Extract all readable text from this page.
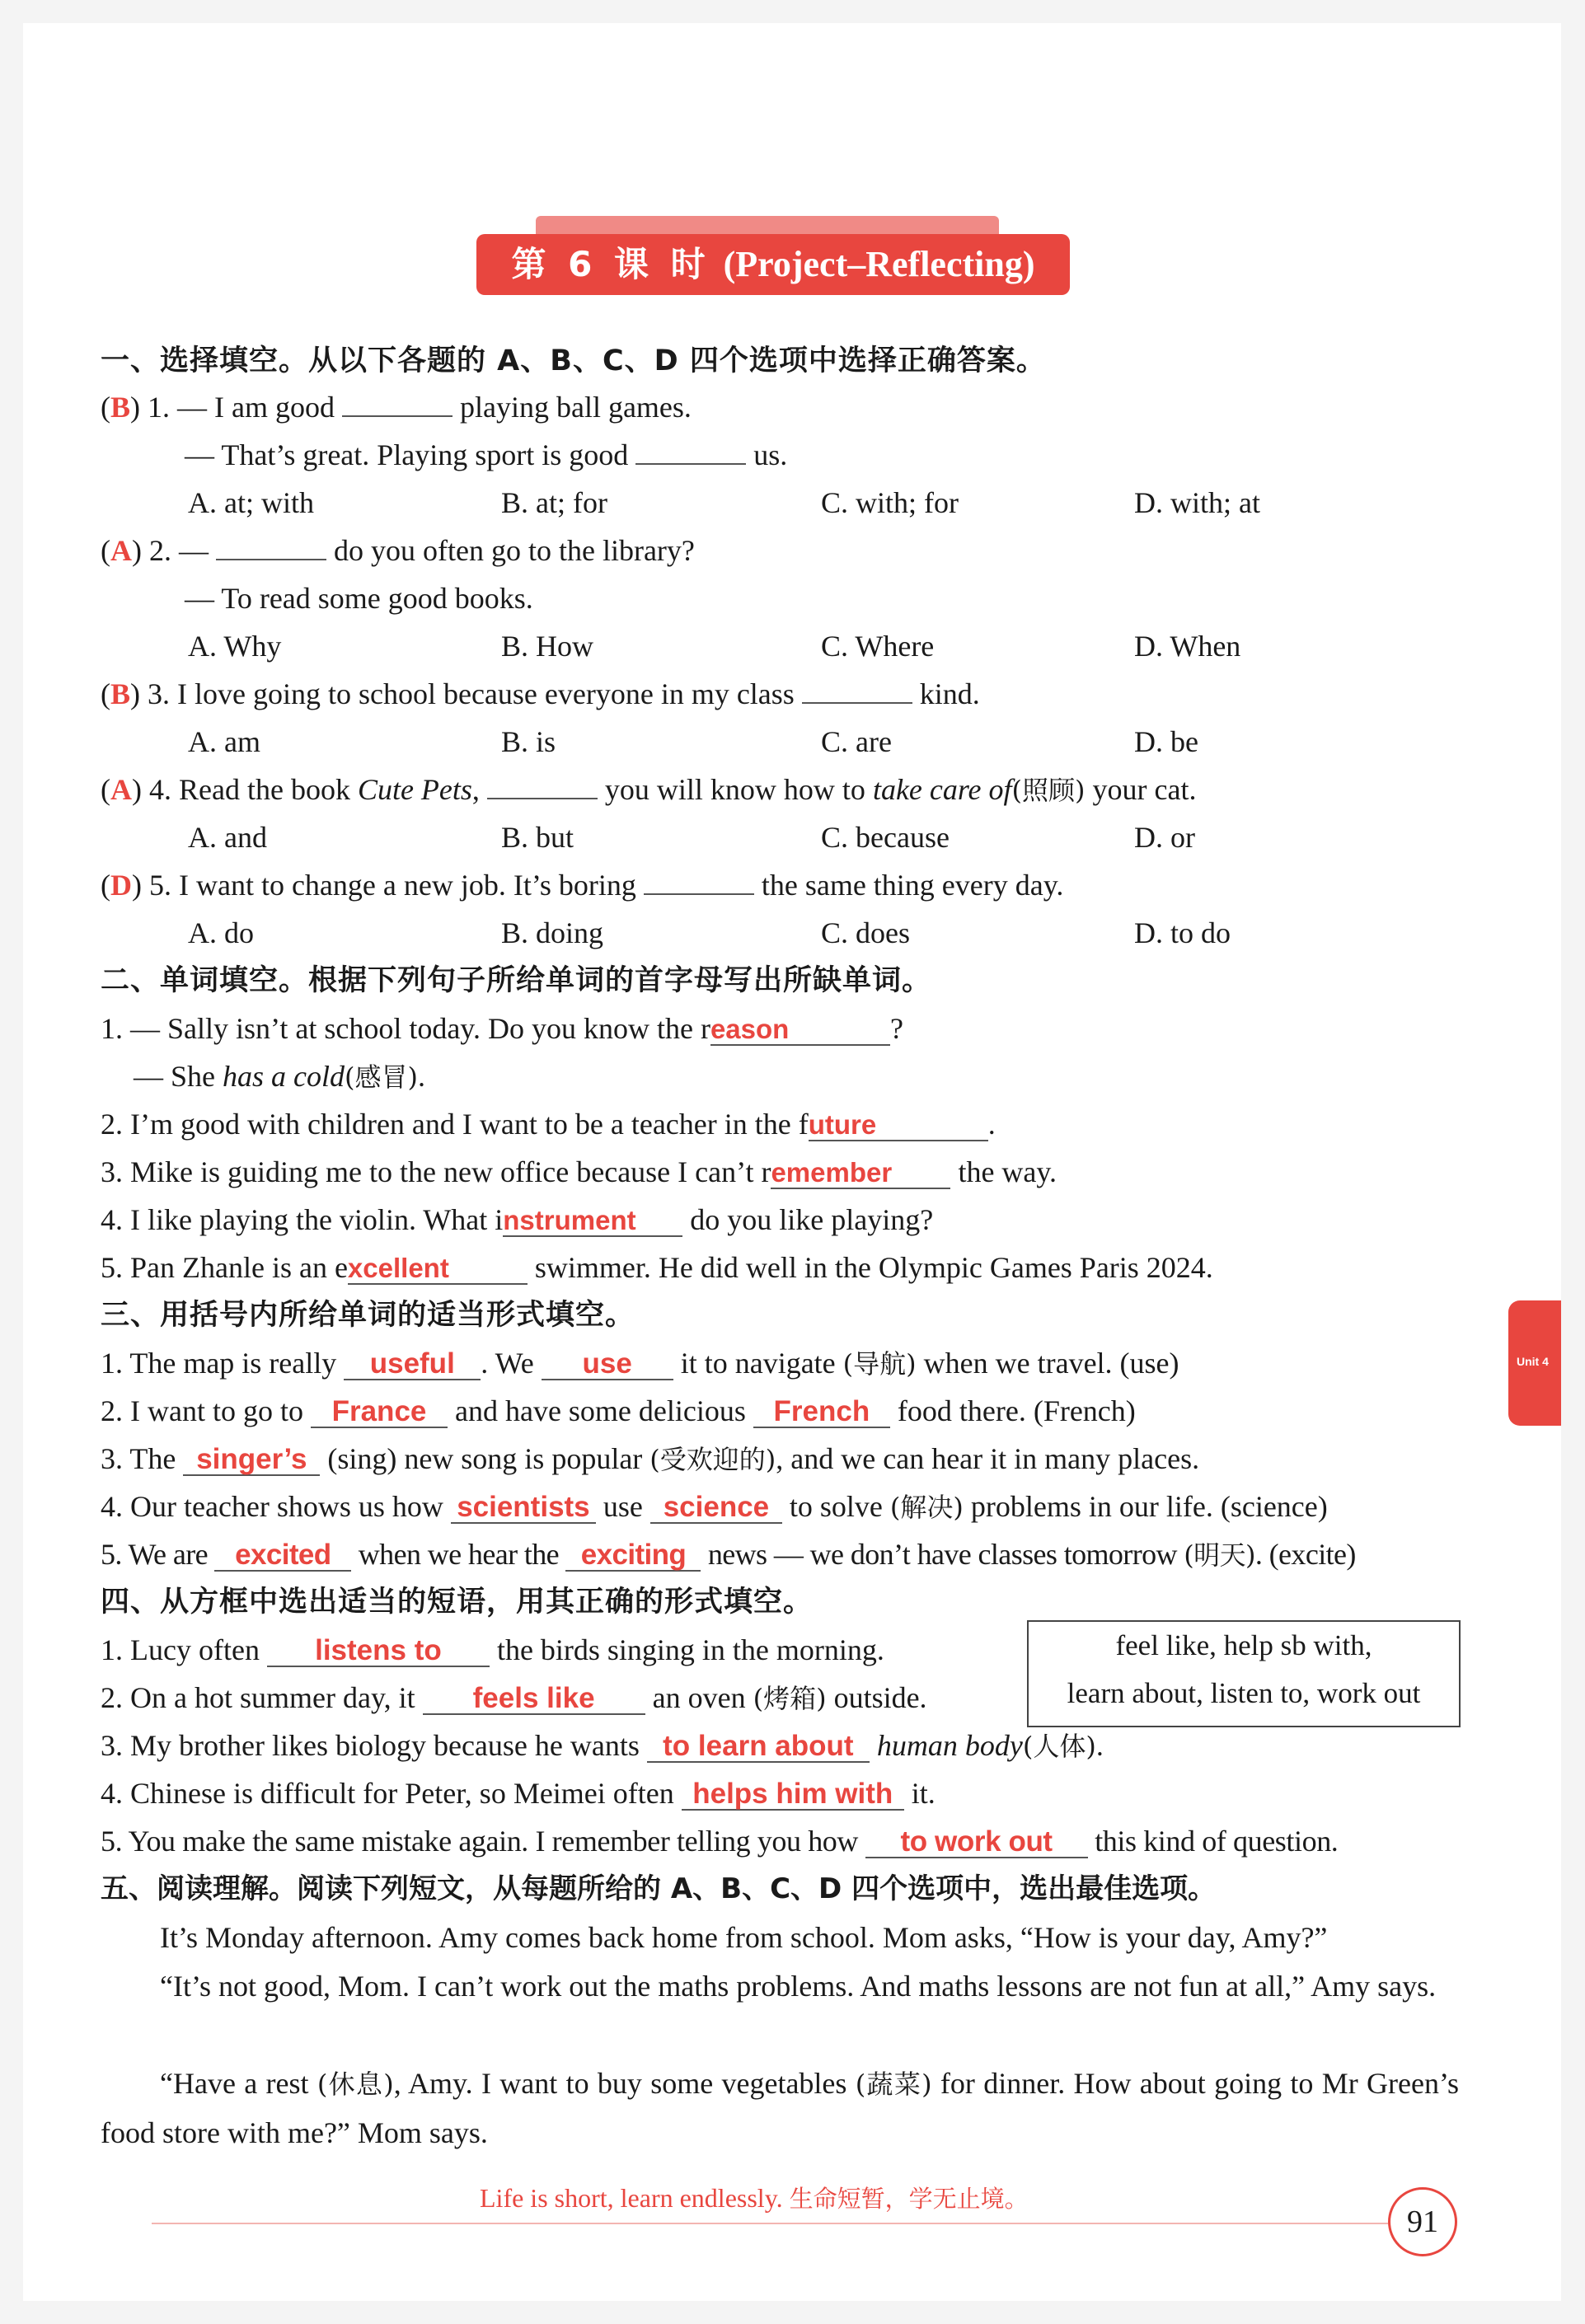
第 6 课 时 (Project–Reflecting)
一、选择填空。从以下各题的 A、B、C、D 四个选项中选择正确答案。
(B) 1. — I am good	playing ball games.
— That’s great. Playing sport is good	us.
A. at; with	B. at; for	C. with; for	D. with; at
(A) 2. —	do you often go to the library?
— To read some good books.
A. Why	B. How	C. Where	D. When
(B) 3. I love going to school because everyone in my class	kind.
A. am	B. is	C. are	D. be
(A) 4. Read the book Cute Pets,	you will know how to take care of(照顾) your cat.
A. and	B. but	C. because	D. or
(D) 5. I want to change a new job. It’s boring	the same thing every day.
A. do	B. doing	C. does	D. to do
二、单词填空。根据下列句子所给单词的首字母写出所缺单词。
1. — Sally isn’t at school today. Do you know the reason	?
— She has a cold(感冒).
2. I’m good with children and I want to be a teacher in the future	.
3. Mike is guiding me to the new office because I can’t remember the way.
4. I like playing the violin. What instrument do you like playing?
5. Pan Zhanle is an excellent	swimmer. He did well in the Olympic Games Paris 2024.
三、用括号内所给单词的适当形式填空。
1. The map is really useful . We use it to navigate (导航) when we travel. (use)
2. I want to go to France and have some delicious French food there. (French)
3. The singer’s (sing) new song is popular (受欢迎的), and we can hear it in many places.
4. Our teacher shows us how scientists use science to solve (解决) problems in our life. (science)
5. We are excited when we hear the exciting news — we don’t have classes tomorrow (明天). (excite)
四、从方框中选出适当的短语，用其正确的形式填空。
feel like, help sb with,
learn about, listen to, work out
1. Lucy often listens to the birds singing in the morning.
2. On a hot summer day, it feels like an oven (烤箱) outside.
3. My brother likes biology because he wants to learn about human body(人体).
4. Chinese is difficult for Peter, so Meimei often helps him with it.
5. You make the same mistake again. I remember telling you how to work out this kind of question.
五、阅读理解。阅读下列短文，从每题所给的 A、B、C、D 四个选项中，选出最佳选项。
It’s Monday afternoon. Amy comes back home from school. Mom asks, “How is your day, Amy?”
“It’s not good, Mom. I can’t work out the maths problems. And maths lessons are not fun at all,” Amy says.
“Have a rest (休息), Amy. I want to buy some vegetables (蔬菜) for dinner. How about going to Mr Green’s food store with me?” Mom says.
Unit 4
Life is short, learn endlessly. 生命短暂，学无止境。
91
